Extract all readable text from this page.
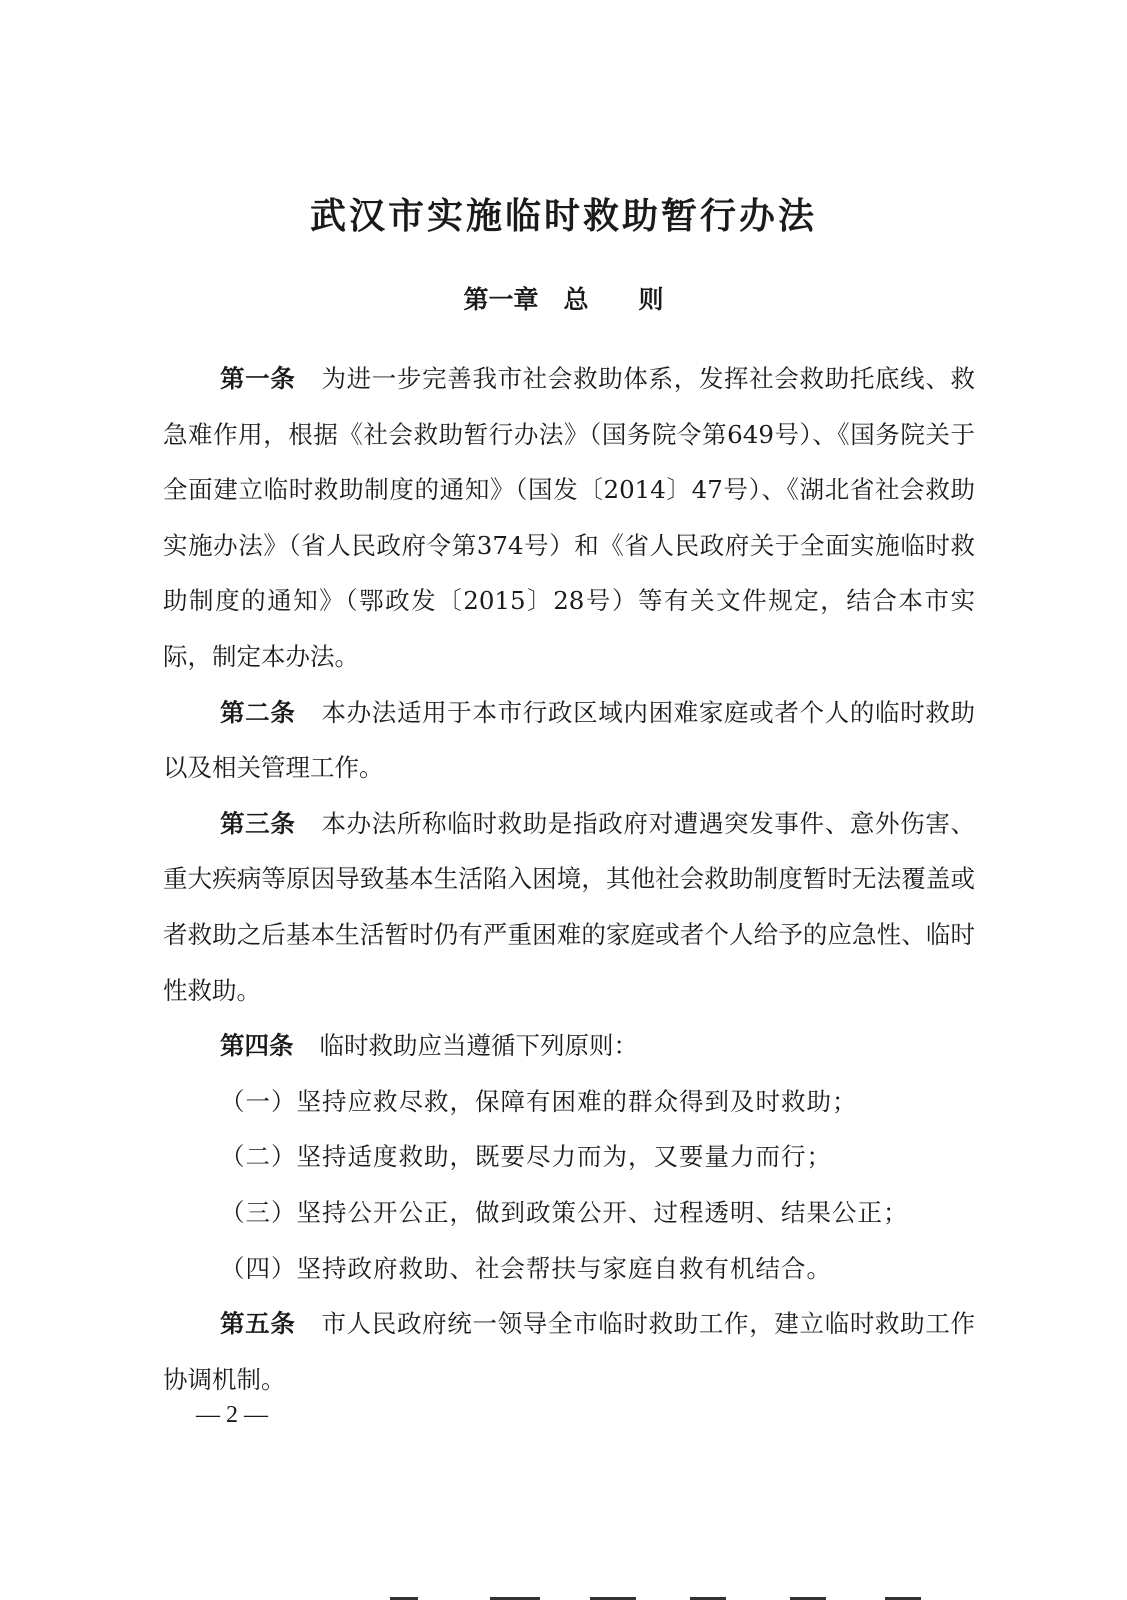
武汉市实施临时救助暂行办法
第一章　总　　则

第一条 为进一步完善我市社会救助体系，发挥社会救助托底线、救急难作用，根据《社会救助暂行办法》（国务院令第649号）、《国务院关于全面建立临时救助制度的通知》（国发〔2014〕47号）、《湖北省社会救助实施办法》（省人民政府令第374号）和《省人民政府关于全面实施临时救助制度的通知》（鄂政发〔2015〕28号）等有关文件规定，结合本市实际，制定本办法。

第二条 本办法适用于本市行政区域内困难家庭或者个人的临时救助以及相关管理工作。

第三条 本办法所称临时救助是指政府对遭遇突发事件、意外伤害、重大疾病等原因导致基本生活陷入困境，其他社会救助制度暂时无法覆盖或者救助之后基本生活暂时仍有严重困难的家庭或者个人给予的应急性、临时性救助。

第四条 临时救助应当遵循下列原则：

（一）坚持应救尽救，保障有困难的群众得到及时救助；

（二）坚持适度救助，既要尽力而为，又要量力而行；

（三）坚持公开公正，做到政策公开、过程透明、结果公正；

（四）坚持政府救助、社会帮扶与家庭自救有机结合。

第五条 市人民政府统一领导全市临时救助工作，建立临时救助工作协调机制。

— 2 —
